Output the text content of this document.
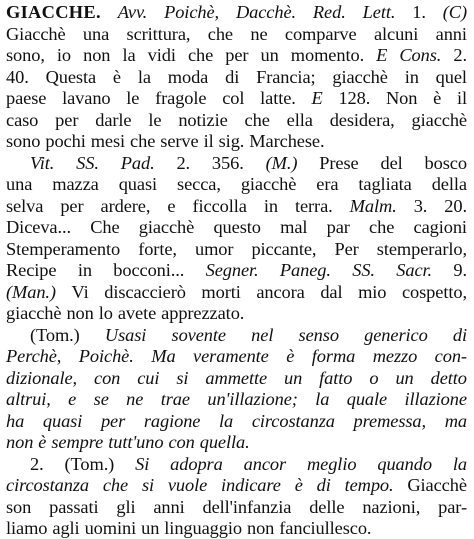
GIACCHE. Avv. Poichè, Dacchè. Red. Lett. 1. (C)
Giacchè una scrittura, che ne comparve alcuni anni
sono, io non la vidi che per un momento. E Cons. 2.
40. Questa è la moda di Francia; giacchè in quel
paese lavano le fragole col latte. E 128. Non è il
caso per darle le notizie che ella desidera, giacchè
sono pochi mesi che serve il sig. Marchese.
Vit. SS. Pad. 2. 356. (M.) Prese del bosco
una mazza quasi secca, giacchè era tagliata della
selva per ardere, e ficcolla in terra. Malm. 3. 20.
Diceva... Che giacchè questo mal par che cagioni
Stemperamento forte, umor piccante, Per stemperarlo,
Recipe in bocconi... Segner. Paneg. SS. Sacr. 9.
(Man.) Vi discaccierò morti ancora dal mio cospetto,
giacchè non lo avete apprezzato.
(Tom.) Usasi sovente nel senso generico di
Perchè, Poichè. Ma veramente è forma mezzo con-
dizionale, con cui si ammette un fatto o un detto
altrui, e se ne trae un'illazione; la quale illazione
ha quasi per ragione la circostanza premessa, ma
non è sempre tutt'uno con quella.
2. (Tom.) Si adopra ancor meglio quando la
circostanza che si vuole indicare è di tempo. Giacchè
son passati gli anni dell'infanzia delle nazioni, par-
liamo agli uomini un linguaggio non fanciullesco.
